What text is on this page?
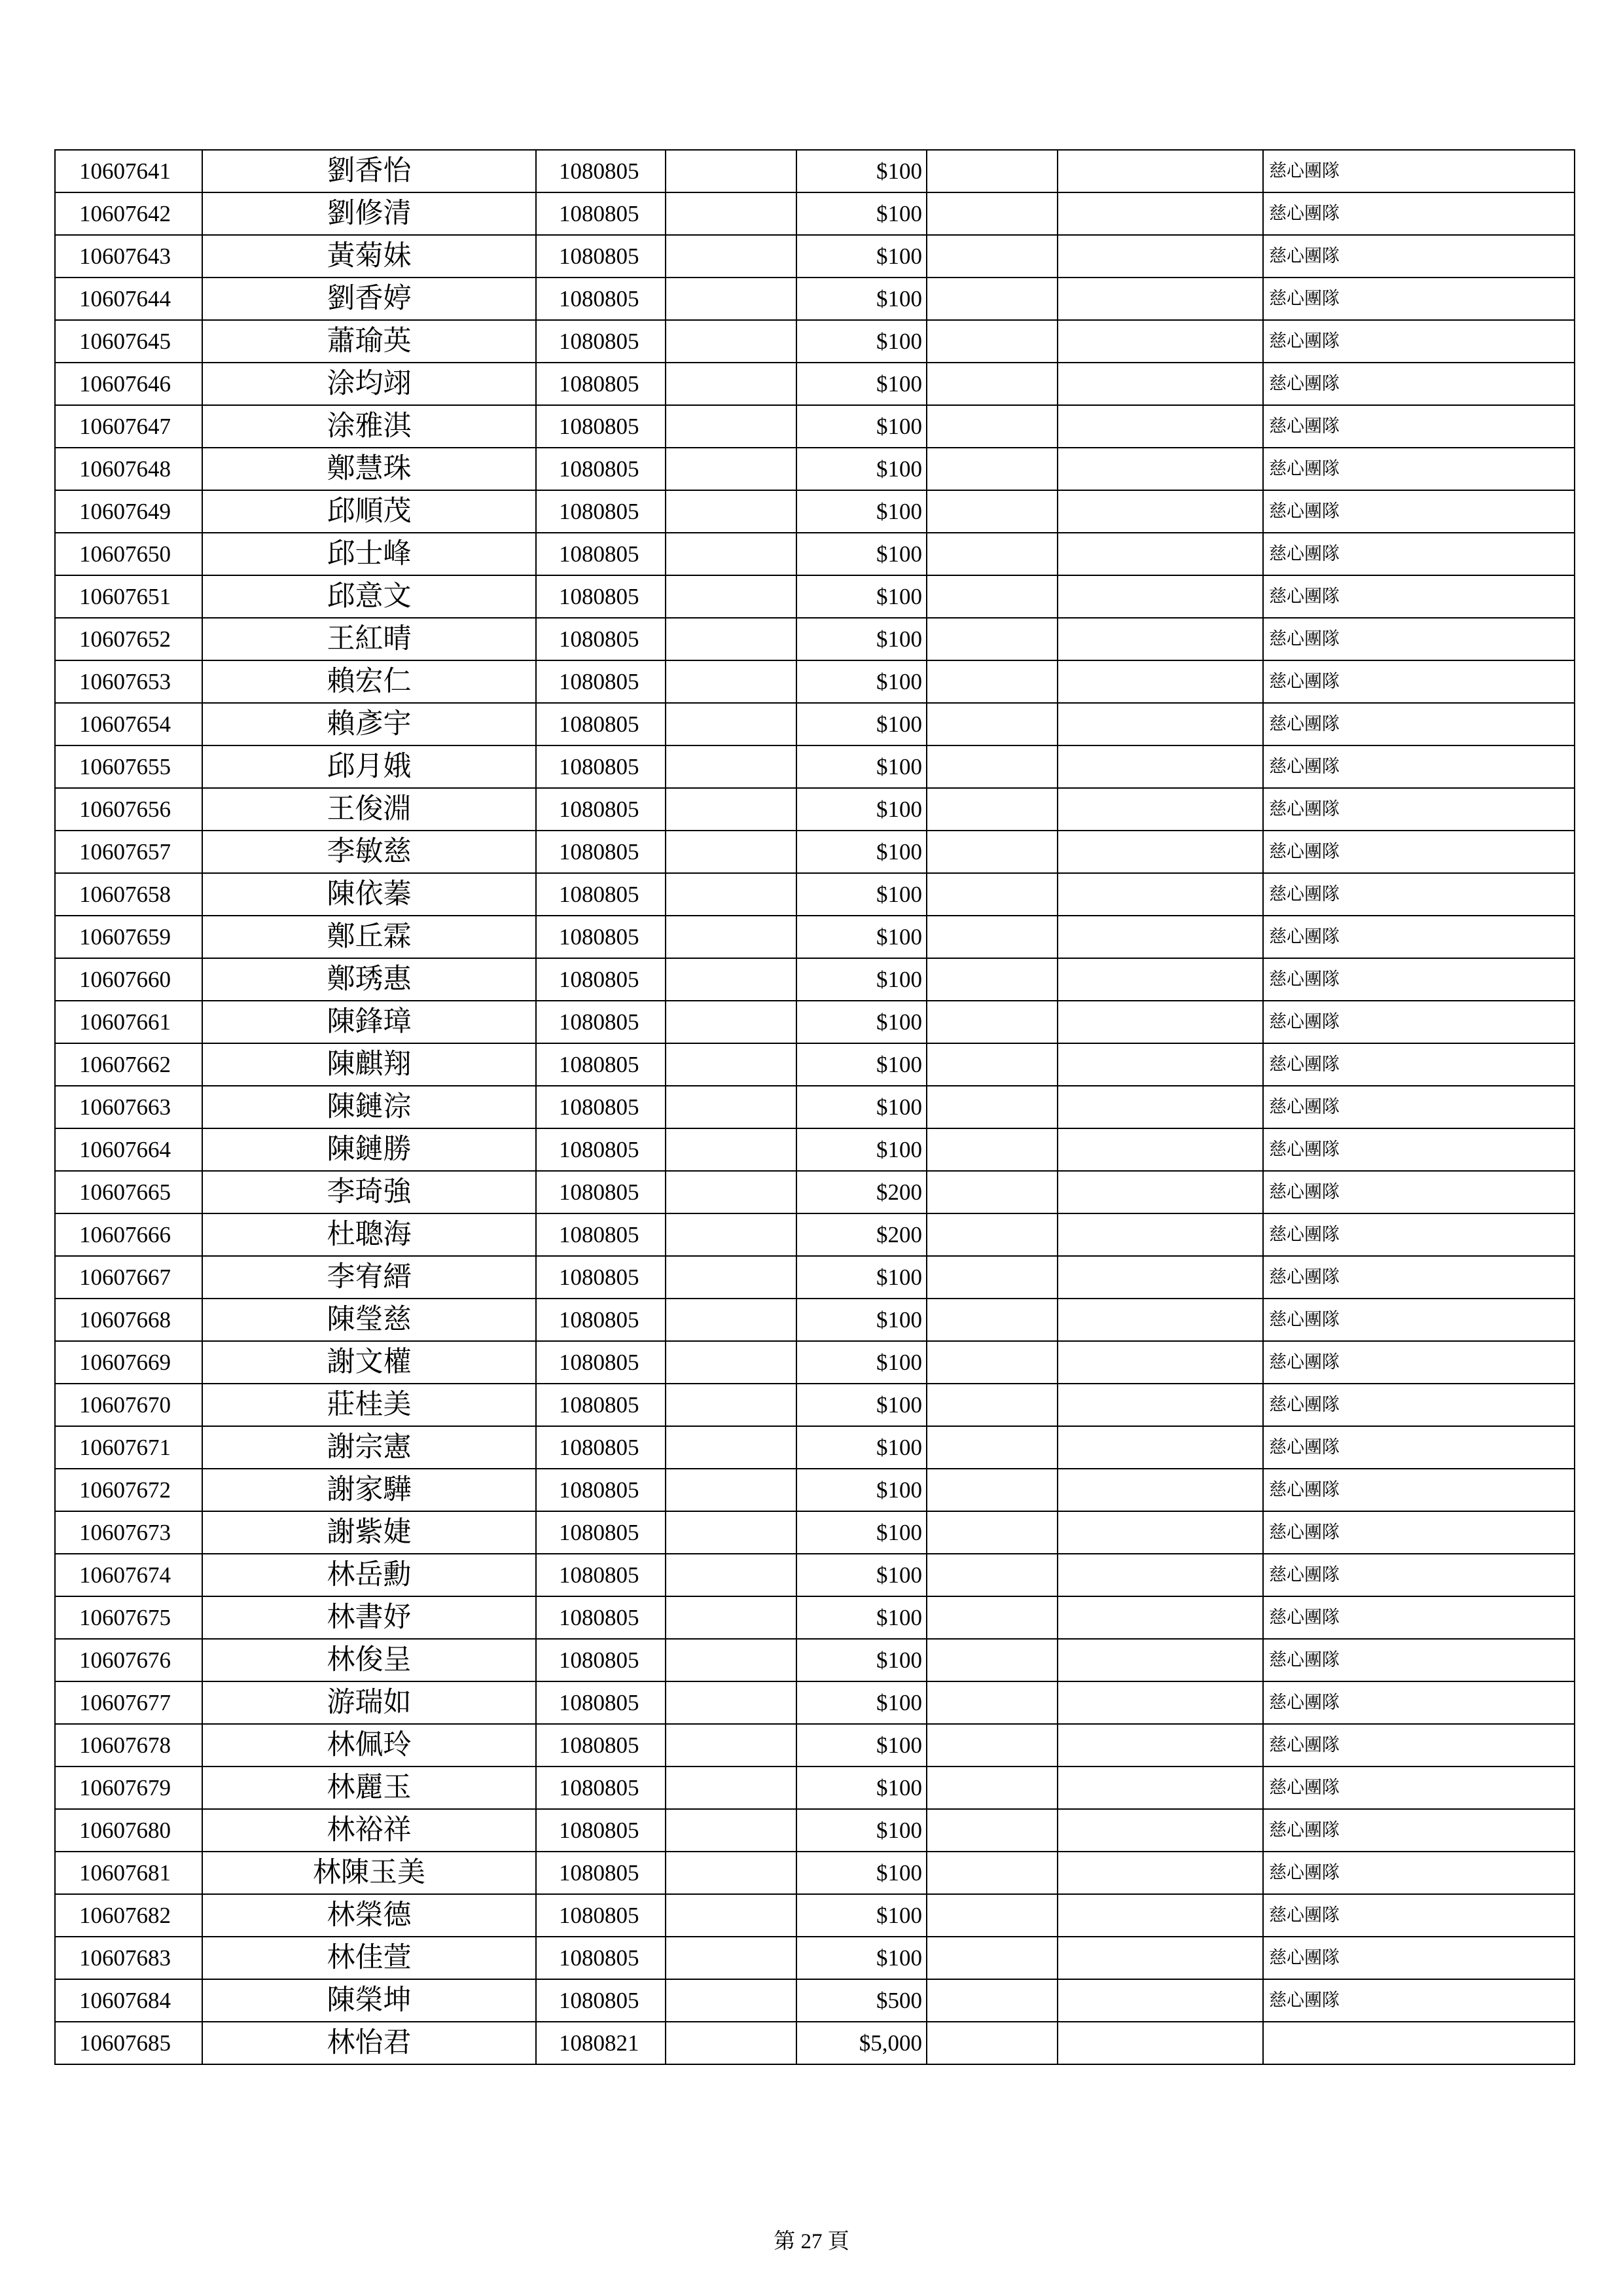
10607641	劉香怡	1080805		$100			慈心團隊
10607642	劉修清	1080805		$100			慈心團隊
10607643	黃菊妹	1080805		$100			慈心團隊
10607644	劉香婷	1080805		$100			慈心團隊
10607645	蕭瑜英	1080805		$100			慈心團隊
10607646	涂均翊	1080805		$100			慈心團隊
10607647	涂雅淇	1080805		$100			慈心團隊
10607648	鄭慧珠	1080805		$100			慈心團隊
10607649	邱順茂	1080805		$100			慈心團隊
10607650	邱士峰	1080805		$100			慈心團隊
10607651	邱意文	1080805		$100			慈心團隊
10607652	王紅晴	1080805		$100			慈心團隊
10607653	賴宏仁	1080805		$100			慈心團隊
10607654	賴彥宇	1080805		$100			慈心團隊
10607655	邱月娥	1080805		$100			慈心團隊
10607656	王俊淵	1080805		$100			慈心團隊
10607657	李敏慈	1080805		$100			慈心團隊
10607658	陳依蓁	1080805		$100			慈心團隊
10607659	鄭丘霖	1080805		$100			慈心團隊
10607660	鄭琇惠	1080805		$100			慈心團隊
10607661	陳鋒璋	1080805		$100			慈心團隊
10607662	陳麒翔	1080805		$100			慈心團隊
10607663	陳鏈淙	1080805		$100			慈心團隊
10607664	陳鏈勝	1080805		$100			慈心團隊
10607665	李琦強	1080805		$200			慈心團隊
10607666	杜聰海	1080805		$200			慈心團隊
10607667	李宥縉	1080805		$100			慈心團隊
10607668	陳瑩慈	1080805		$100			慈心團隊
10607669	謝文權	1080805		$100			慈心團隊
10607670	莊桂美	1080805		$100			慈心團隊
10607671	謝宗憲	1080805		$100			慈心團隊
10607672	謝家驊	1080805		$100			慈心團隊
10607673	謝紫婕	1080805		$100			慈心團隊
10607674	林岳勳	1080805		$100			慈心團隊
10607675	林書妤	1080805		$100			慈心團隊
10607676	林俊呈	1080805		$100			慈心團隊
10607677	游瑞如	1080805		$100			慈心團隊
10607678	林佩玲	1080805		$100			慈心團隊
10607679	林麗玉	1080805		$100			慈心團隊
10607680	林裕祥	1080805		$100			慈心團隊
10607681	林陳玉美	1080805		$100			慈心團隊
10607682	林榮德	1080805		$100			慈心團隊
10607683	林佳萱	1080805		$100			慈心團隊
10607684	陳榮坤	1080805		$500			慈心團隊
10607685	林怡君	1080821		$5,000			
第 27 頁
